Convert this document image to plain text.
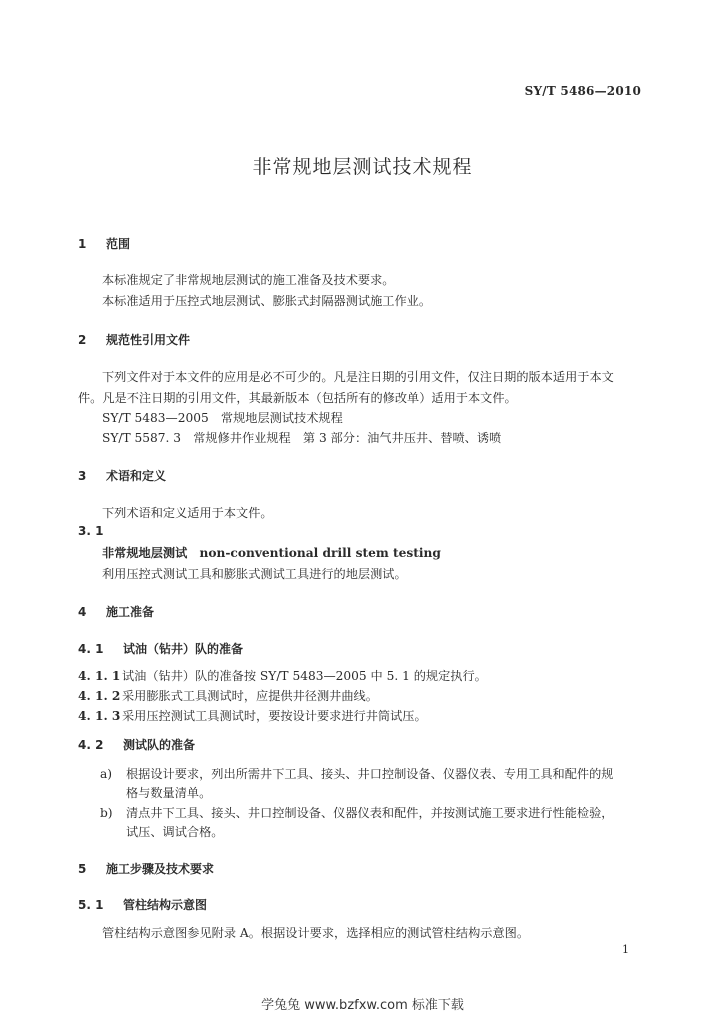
SY/T 5486—2010
非常规地层测试技术规程
1 范围
本标准规定了非常规地层测试的施工准备及技术要求。
本标准适用于压控式地层测试、膨胀式封隔器测试施工作业。
2 规范性引用文件
下列文件对于本文件的应用是必不可少的。凡是注日期的引用文件，仅注日期的版本适用于本文
件。凡是不注日期的引用文件，其最新版本（包括所有的修改单）适用于本文件。
SY/T 5483—2005　 常规地层测试技术规程
SY/T 5587. 3　 常规修井作业规程　第 3 部分：油气井压井、替喷、诱喷
3 术语和定义
下列术语和定义适用于本文件。
3. 1
非常规地层测试　 non-conventional drill stem testing
利用压控式测试工具和膨胀式测试工具进行的地层测试。
4 施工准备
4. 1 试油（钻井）队的准备
4. 1. 1 试油（钻井）队的准备按 SY/T 5483—2005 中 5. 1 的规定执行。
4. 1. 2 采用膨胀式工具测试时，应提供井径测井曲线。
4. 1. 3 采用压控测试工具测试时，要按设计要求进行井筒试压。
4. 2 测试队的准备
a) 根据设计要求，列出所需井下工具、接头、井口控制设备、仪器仪表、专用工具和配件的规
格与数量清单。
b) 清点井下工具、接头、井口控制设备、仪器仪表和配件，并按测试施工要求进行性能检验，
试压、调试合格。
5 施工步骤及技术要求
5. 1 管柱结构示意图
管柱结构示意图参见附录 A。根据设计要求，选择相应的测试管柱结构示意图。
1
学兔兔 www.bzfxw.com 标准下载
